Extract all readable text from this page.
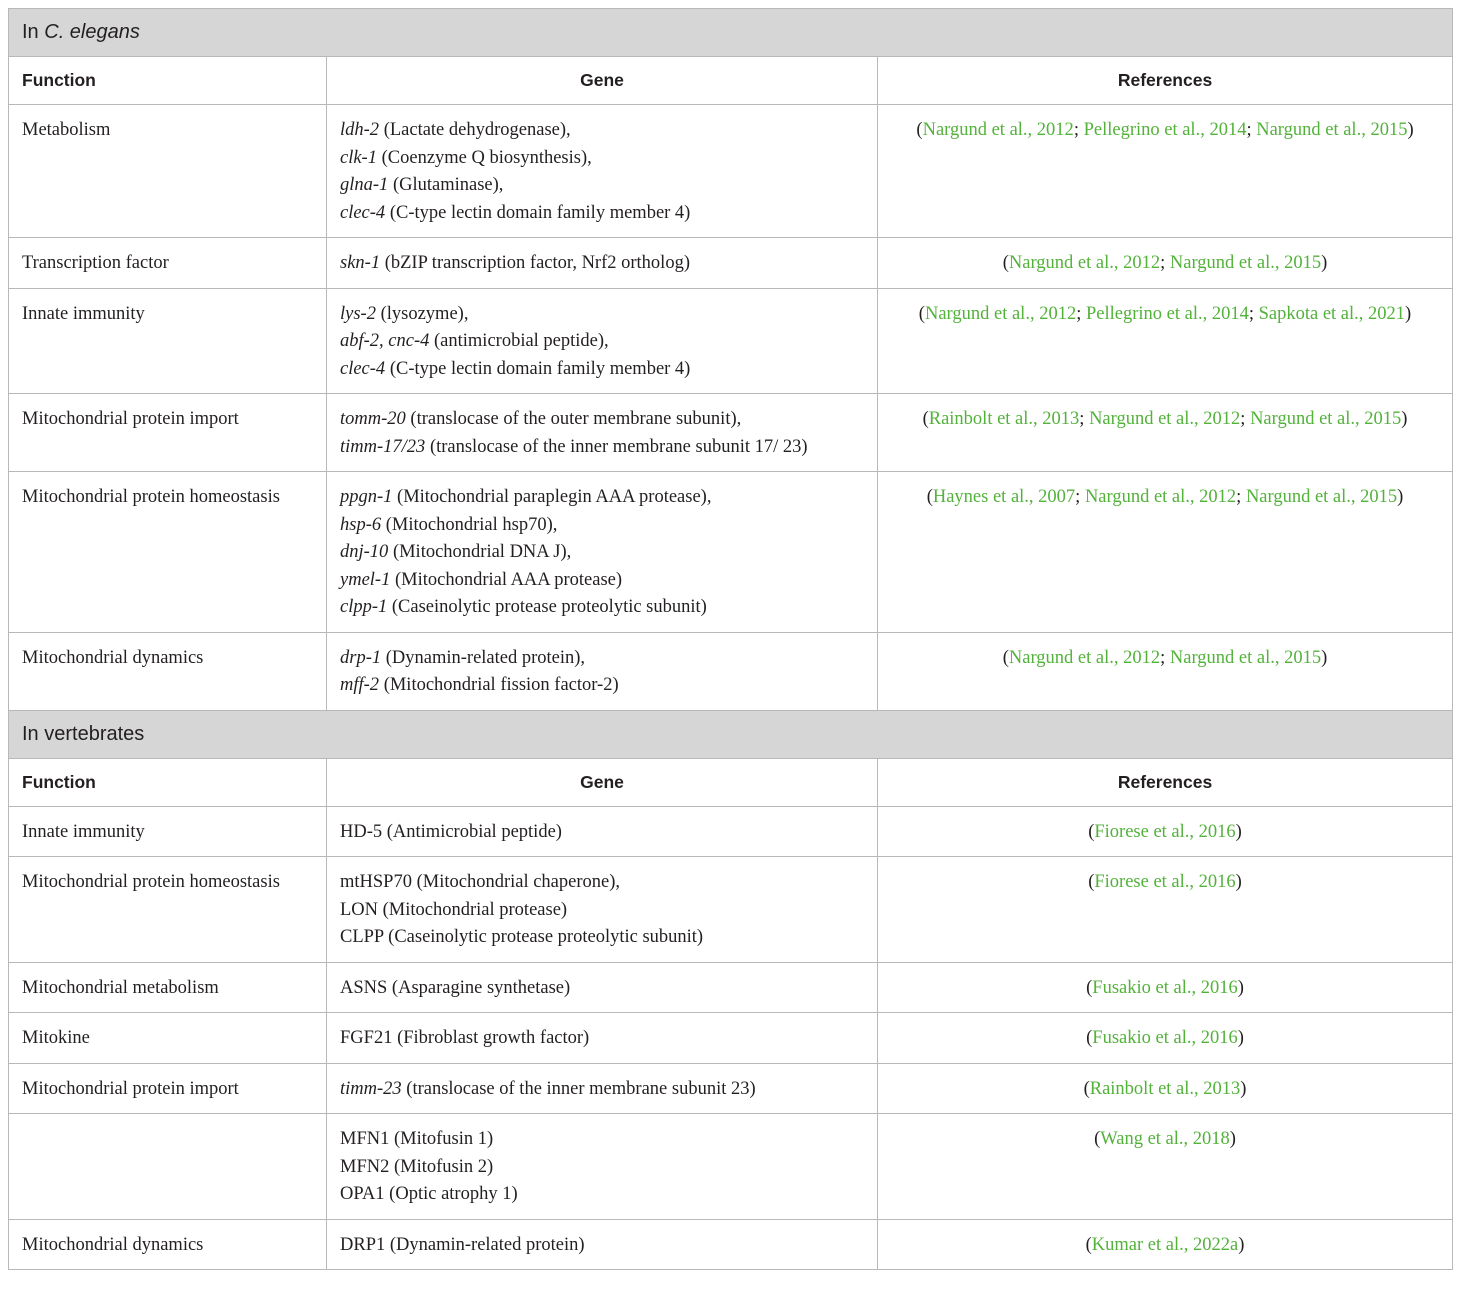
In C. elegans		
Function	Gene	References
Metabolism	ldh-2 (Lactate dehydrogenase),
clk-1 (Coenzyme Q biosynthesis),
glna-1 (Glutaminase),
clec-4 (C-type lectin domain family member 4)	(Nargund et al., 2012; Pellegrino et al., 2014; Nargund et al., 2015)
Transcription factor	skn-1 (bZIP transcription factor, Nrf2 ortholog)	(Nargund et al., 2012; Nargund et al., 2015)
Innate immunity	lys-2 (lysozyme),
abf-2, cnc-4 (antimicrobial peptide),
clec-4 (C-type lectin domain family member 4)	(Nargund et al., 2012; Pellegrino et al., 2014; Sapkota et al., 2021)
Mitochondrial protein import	tomm-20 (translocase of the outer membrane subunit),
timm-17/23 (translocase of the inner membrane subunit 17/ 23)	(Rainbolt et al., 2013; Nargund et al., 2012; Nargund et al., 2015)
Mitochondrial protein homeostasis	ppgn-1 (Mitochondrial paraplegin AAA protease),
hsp-6 (Mitochondrial hsp70),
dnj-10 (Mitochondrial DNA J),
ymel-1 (Mitochondrial AAA protease)
clpp-1 (Caseinolytic protease proteolytic subunit)	(Haynes et al., 2007; Nargund et al., 2012; Nargund et al., 2015)
Mitochondrial dynamics	drp-1 (Dynamin-related protein),
mff-2 (Mitochondrial fission factor-2)	(Nargund et al., 2012; Nargund et al., 2015)
In vertebrates		
Function	Gene	References
Innate immunity	HD-5 (Antimicrobial peptide)	(Fiorese et al., 2016)
Mitochondrial protein homeostasis	mtHSP70 (Mitochondrial chaperone),
LON (Mitochondrial protease)
CLPP (Caseinolytic protease proteolytic subunit)	(Fiorese et al., 2016)
Mitochondrial metabolism	ASNS (Asparagine synthetase)	(Fusakio et al., 2016)
Mitokine	FGF21 (Fibroblast growth factor)	(Fusakio et al., 2016)
Mitochondrial protein import	timm-23 (translocase of the inner membrane subunit 23)	(Rainbolt et al., 2013)

	MFN1 (Mitofusin 1)
MFN2 (Mitofusin 2)
OPA1 (Optic atrophy 1)	(Wang et al., 2018)
Mitochondrial dynamics	DRP1 (Dynamin-related protein)	(Kumar et al., 2022a)
